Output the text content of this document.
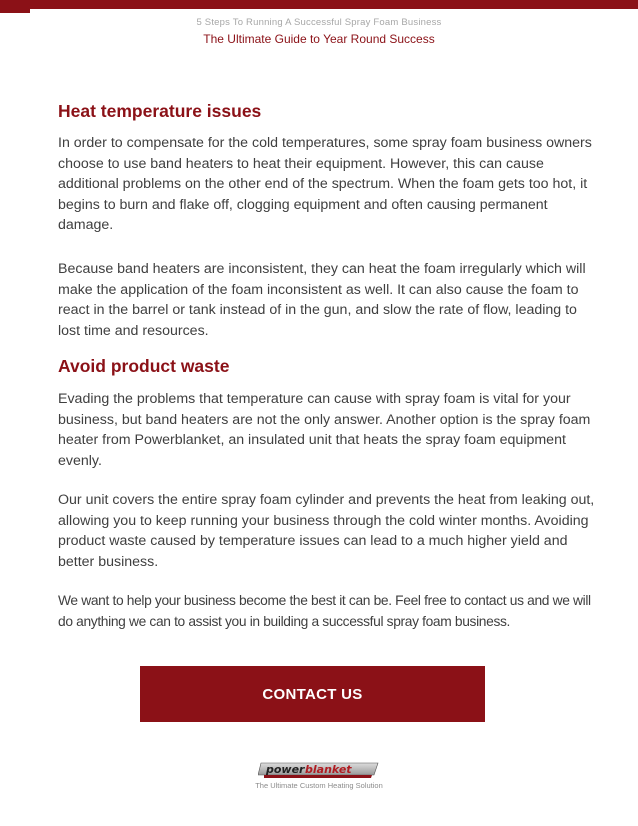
5 Steps To Running A Successful Spray Foam Business
The Ultimate Guide to Year Round Success
Heat temperature issues

In order to compensate for the cold temperatures, some spray foam business owners choose to use band heaters to heat their equipment. However, this can cause additional problems on the other end of the spectrum. When the foam gets too hot, it begins to burn and flake off, clogging equipment and often causing permanent damage.

Because band heaters are inconsistent, they can heat the foam irregularly which will make the application of the foam inconsistent as well. It can also cause the foam to react in the barrel or tank instead of in the gun, and slow the rate of flow, leading to lost time and resources.

Avoid product waste

Evading the problems that temperature can cause with spray foam is vital for your business, but band heaters are not the only answer. Another option is the spray foam heater from Powerblanket, an insulated unit that heats the spray foam equipment evenly.

Our unit covers the entire spray foam cylinder and prevents the heat from leaking out, allowing you to keep running your business through the cold winter months. Avoiding product waste caused by temperature issues can lead to a much higher yield and better business.

We want to help your business become the best it can be. Feel free to contact us and we will do anything we can to assist you in building a successful spray foam business.

CONTACT US
power blanket
The Ultimate Custom Heating Solution
